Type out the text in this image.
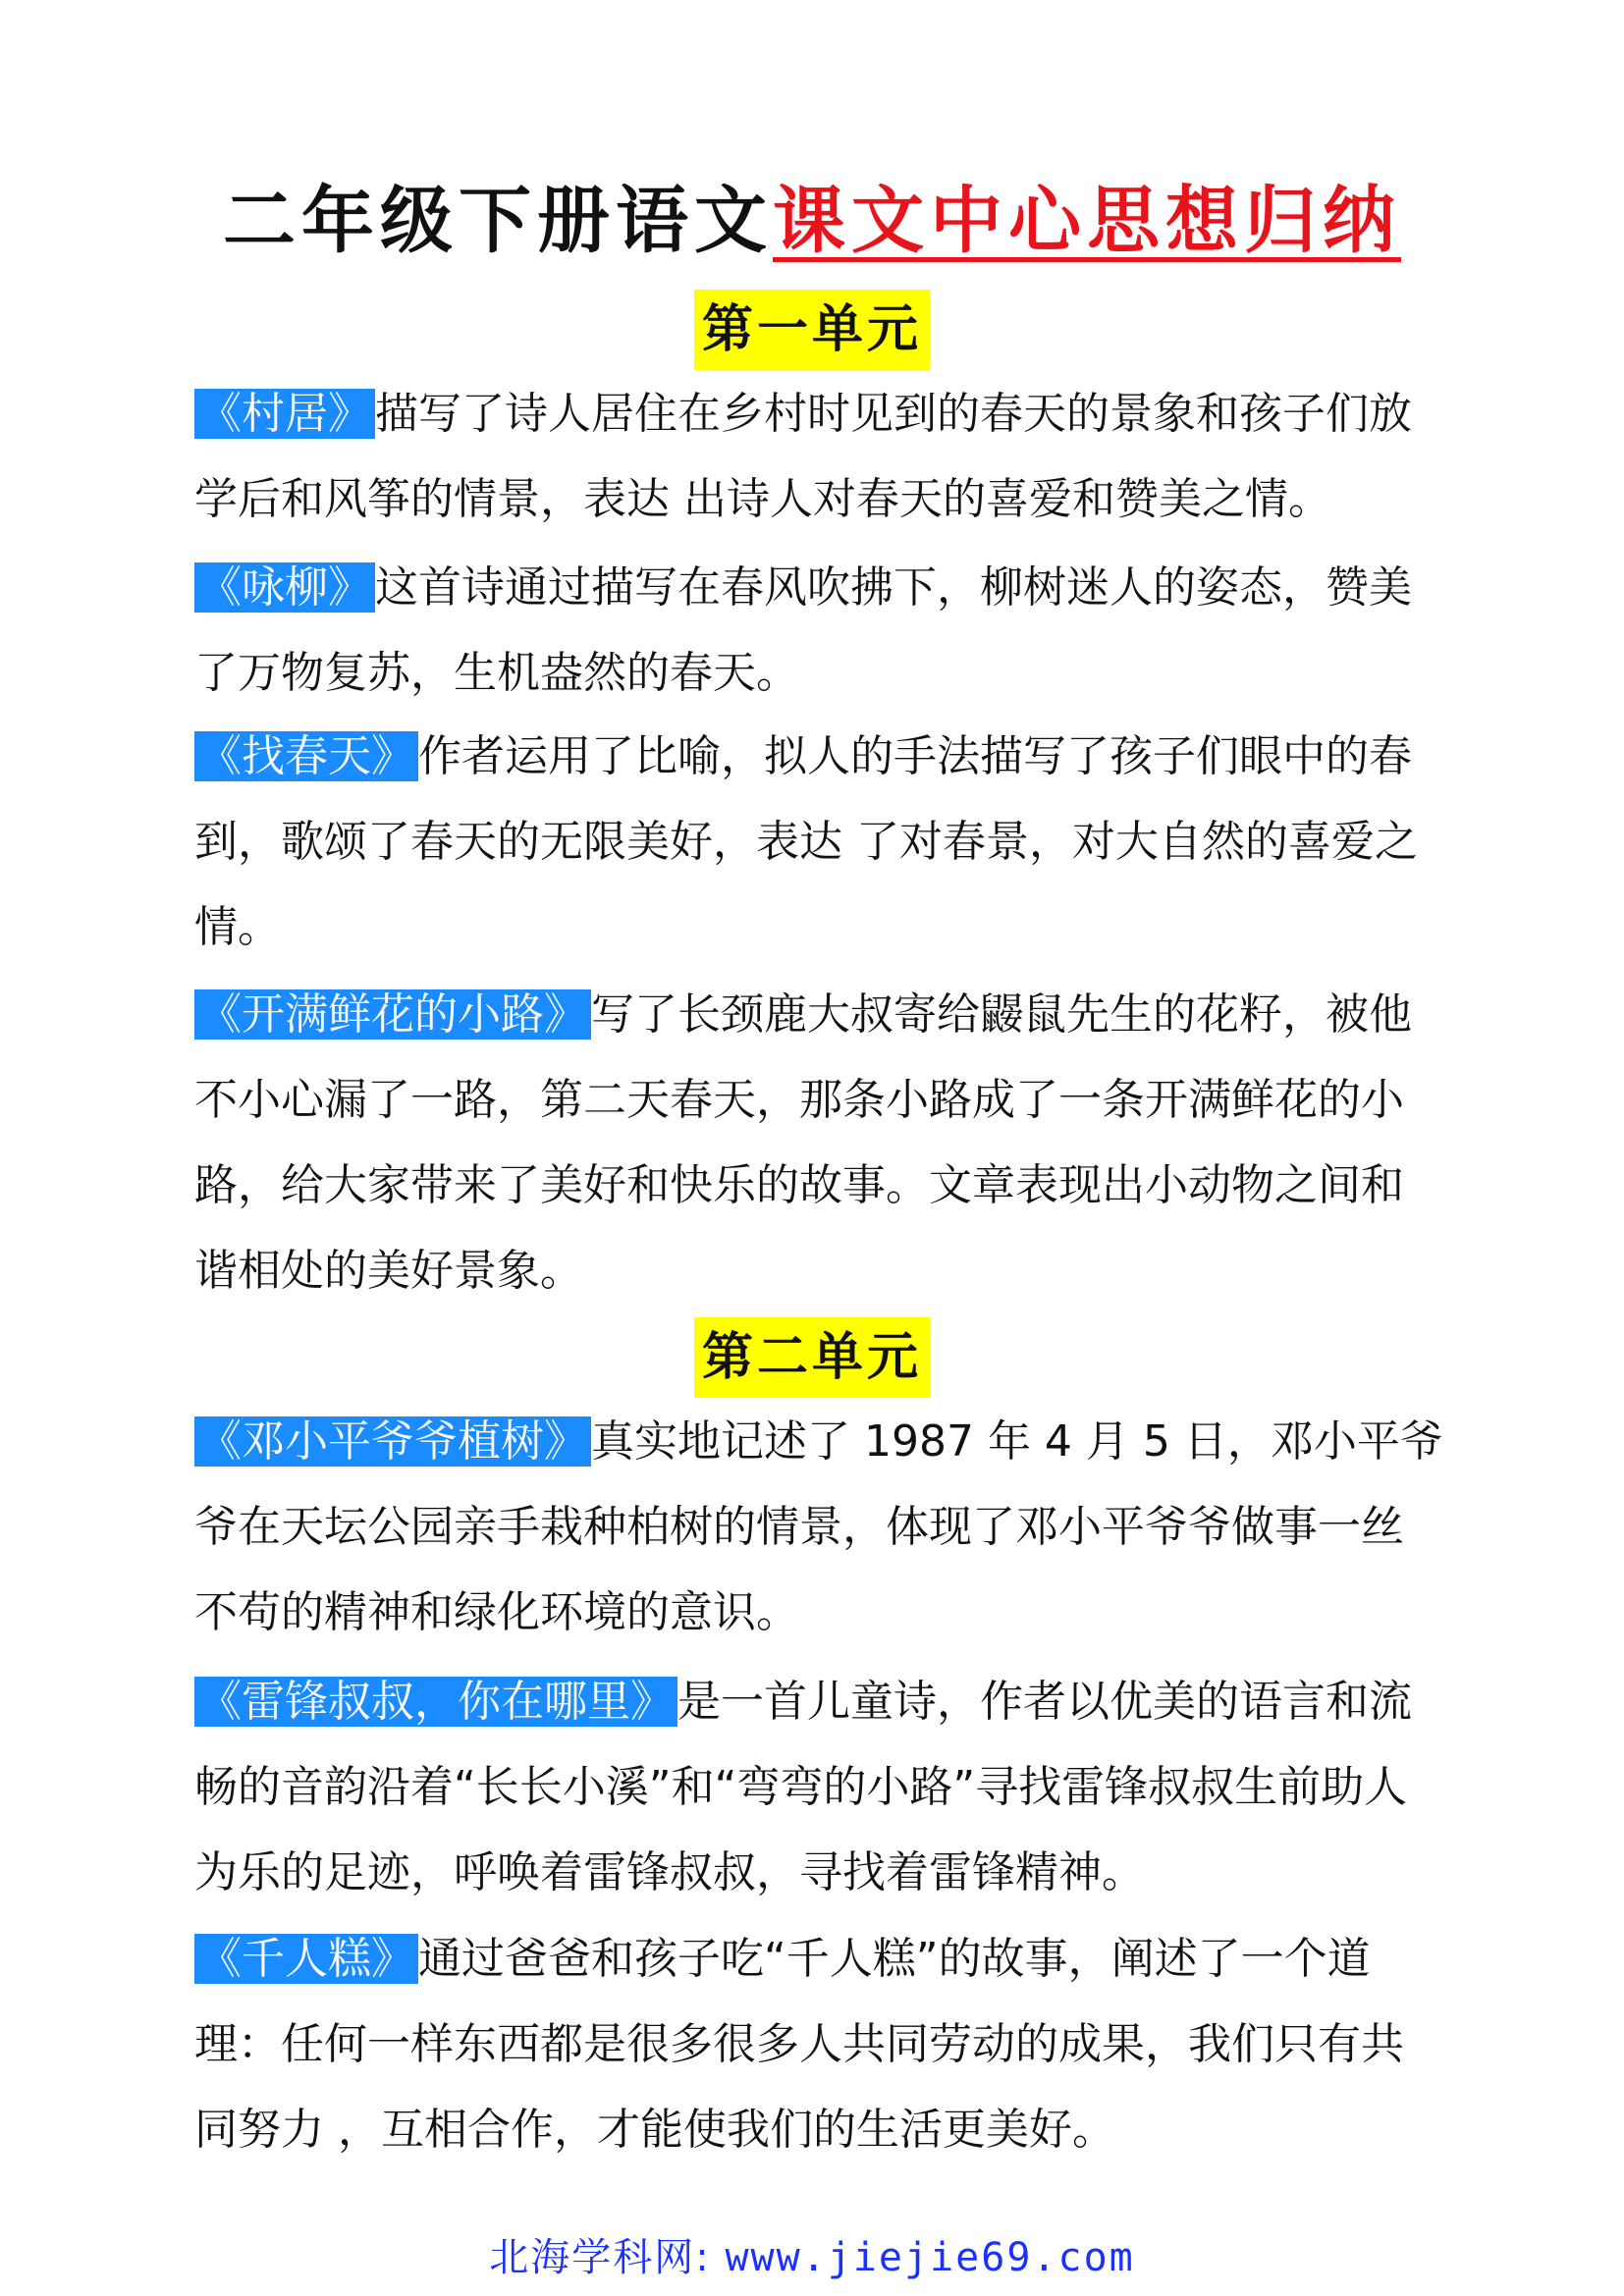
二年级下册语文课文中心思想归纳
第一单元

《村居》描写了诗人居住在乡村时见到的春天的景象和孩子们放学后和风筝的情景，表达 出诗人对春天的喜爱和赞美之情。

《咏柳》这首诗通过描写在春风吹拂下，柳树迷人的姿态，赞美了万物复苏，生机盎然的春天。

《找春天》作者运用了比喻，拟人的手法描写了孩子们眼中的春到，歌颂了春天的无限美好，表达 了对春景，对大自然的喜爱之情。

《开满鲜花的小路》写了长颈鹿大叔寄给鼹鼠先生的花籽，被他不小心漏了一路，第二天春天，那条小路成了一条开满鲜花的小路，给大家带来了美好和快乐的故事。文章表现出小动物之间和谐相处的美好景象。

第二单元

《邓小平爷爷植树》真实地记述了 1987 年 4 月 5 日，邓小平爷爷在天坛公园亲手栽种柏树的情景，体现了邓小平爷爷做事一丝不苟的精神和绿化环境的意识。

《雷锋叔叔，你在哪里》是一首儿童诗，作者以优美的语言和流畅的音韵沿着“长长小溪”和“弯弯的小路”寻找雷锋叔叔生前助人为乐的足迹，呼唤着雷锋叔叔，寻找着雷锋精神。

《千人糕》通过爸爸和孩子吃“千人糕”的故事，阐述了一个道理：任何一样东西都是很多很多人共同劳动的成果，我们只有共同努力 ，互相合作，才能使我们的生活更美好。

北海学科网: www.jiejie69.com
